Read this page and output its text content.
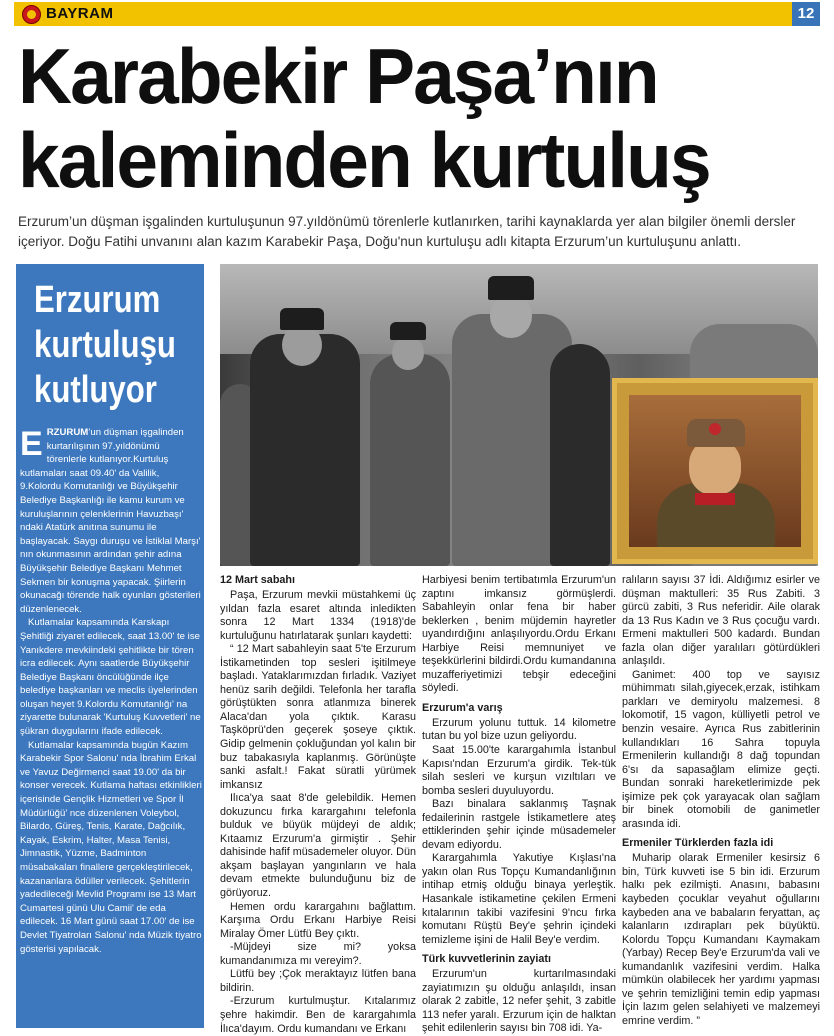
BAYRAM	12
Karabekir Paşa’nın
kaleminden kurtuluş
Erzurum’un düşman işgalinden kurtuluşunun 97.yıldönümü törenlerle kutlanırken, tarihi kaynaklarda yer alan bilgiler önemli dersler içeriyor. Doğu Fatihi unvanını alan kazım Karabekir Paşa, Doğu'nun kurtuluşu adlı kitapta Erzurum’un kurtuluşunu anlattı.
Erzurum
kurtuluşu
kutluyor

ERZURUM’un düşman işgalinden kurtarılışının 97.yıldönümü törenlerle kutlanıyor.Kurtuluş kutlamaları saat 09.40' da Valilik, 9.Kolordu Komutanlığı ve Büyükşehir Belediye Başkanlığı ile kamu kurum ve kuruluşlarının çelenklerinin Havuzbaşı' ndaki Atatürk anıtına sunumu ile başlayacak. Saygı duruşu ve İstiklal Marşı' nın okunmasının ardından şehir adına Büyükşehir Belediye Başkanı Mehmet Sekmen bir konuşma yapacak. Şiirlerin okunacağı törende halk oyunları gösterileri düzenlenecek.

Kutlamalar kapsamında Karskapı Şehitliği ziyaret edilecek, saat 13.00' te ise Yanıkdere mevkiindeki şehitlikte bir tören icra edilecek. Aynı saatlerde Büyükşehir Belediye Başkanı öncülüğünde ilçe belediye başkanları ve meclis üyelerinden oluşan heyet 9.Kolordu Komutanlığı' na ziyarette bulunarak 'Kurtuluş Kuvvetleri' ne şükran duygularını ifade edilecek.

Kutlamalar kapsamında bugün Kazım Karabekir Spor Salonu' nda İbrahim Erkal ve Yavuz Değirmenci saat 19.00' da bir konser verecek. Kutlama haftası etkinlikleri içerisinde Gençlik Hizmetleri ve Spor İl Müdürlüğü' nce düzenlenen Voleybol, Bilardo, Güreş, Tenis, Karate, Dağcılık, Kayak, Eskrim, Halter, Masa Tenisi, Jimnastik, Yüzme, Badminton müsabakaları finallere gerçekleştirilecek, kazananlara ödüller verilecek. Şehitlerin yadedileceği Mevlid Programı ise 13 Mart Cumartesi günü Ulu Camii' de eda edilecek. 16 Mart günü saat 17.00' de ise Devlet Tiyatroları Salonu' nda Müzik tiyatro gösterisi yapılacak.

12 Mart sabahı

Paşa, Erzurum mevkii müstahkemi üç yıldan fazla esaret altında inledikten sonra 12 Mart 1334 (1918)'de kurtuluğunu hatırlatarak şunları kaydetti:

“ 12 Mart sabahleyin saat 5'te Erzurum İstikametinden top sesleri işitilmeye başladı. Yataklarımızdan fırladık. Vaziyet henüz sarih değildi. Telefonla her tarafla görüştükten sonra atlanmıza binerek Alaca'dan yola çıktık. Karasu Taşköprü'den geçerek şoseye çıktık. Gidip gelmenin çokluğundan yol kalın bir buz tabakasıyla kaplanmış. Görünüşte sanki asfalt.! Fakat süratli yürümek imkansız

Ilıca'ya saat 8'de gelebildik. Hemen dokuzuncu fırka karargahını telefonla bulduk ve büyük müjdeyi de aldık; Kıtaamız Erzurum'a girmiştir . Şehir dahisinde hafif müsademeler oluyor. Dün akşam başlayan yangınların ve hala devam etmekte bulunduğunu biz de görüyoruz.

Hemen ordu karargahını bağlattım. Karşıma Ordu Erkanı Harbiye Reisi Miralay Ömer Lütfü Bey çıktı.

-Müjdeyi size mi? yoksa kumandanımıza mı vereyim?.

Lütfü bey ;Çok meraktayız lütfen bana bildirin.

-Erzurum kurtulmuştur. Kıtalarımız şehre hakimdir. Ben de karargahımla İlıca'dayım. Ordu kumandanı ve Erkanı

Harbiyesi benim tertibatımla Erzurum'un zaptını imkansız görmüşlerdi. Sabahleyin onlar fena bir haber beklerken , benim müjdemin hayretler uyandırdığını anlaşılıyordu.Ordu Erkanı Harbiye Reisi memnuniyet ve teşekkürlerini bildirdi.Ordu kumandanına muzafferiyetimizi tebşir edeceğini söyledi.

Erzurum'a varış

Erzurum yolunu tuttuk. 14 kilometre tutan bu yol bize uzun geliyordu.

Saat 15.00'te karargahımla İstanbul Kapısı'ndan Erzurum'a girdik. Tek-tük silah sesleri ve kurşun vızıltıları ve bomba sesleri duyuluyordu.

Bazı binalara saklanmış Taşnak fedailerinin rastgele İstikametlere ateş ettiklerinden şehir içinde müsademeler devam ediyordu.

Karargahımla Yakutiye Kışlası'na yakın olan Rus Topçu Kumandanlığının intihap etmiş olduğu binaya yerleştik. Hasankale istikametine çekilen Ermeni kıtalarının takibi vazifesini 9'ncu fırka komutanı Rüştü Bey'e şehrin içindeki temizleme işini de Halil Bey'e verdim.

Türk kuvvetlerinin zayiatı

Erzurum'un kurtarılmasındaki zayiatımızın şu olduğu anlaşıldı, insan olarak 2 zabitle, 12 nefer şehit, 3 zabitle 113 nefer yaralı. Erzurum için de halktan şehit edilenlerin sayısı bin 708 idi. Ya-

ralıların sayısı 37 İdi. Aldığımız esirler ve düşman maktulleri: 35 Rus Zabiti. 3 gürcü zabiti, 3 Rus neferidir. Aile olarak da 13 Rus Kadın ve 3 Rus çocuğu vardı. Ermeni maktulleri 500 kadardı. Bundan fazla olan diğer yaralıları götürdükleri anlaşıldı.

Ganimet: 400 top ve sayısız mühimmatı silah,giyecek,erzak, istihkam parkları ve demiryolu malzemesi. 8 lokomotif, 15 vagon, külliyetli petrol ve benzin vesaire. Ayrıca Rus zabitlerinin kullandıkları 16 Sahra topuyla Ermenilerin kullandığı 8 dağ topundan 6'sı da sapasağlam elimize geçti. Bundan sonraki hareketlerimizde pek işimize pek çok yarayacak olan sağlam bir binek otomobili de ganimetler arasında idi.

Ermeniler Türklerden fazla idi

Muharip olarak Ermeniler kesirsiz 6 bin, Türk kuvveti ise 5 bin idi. Erzurum halkı pek ezilmişti. Anasını, babasını kaybeden çocuklar veyahut oğullarını kaybeden ana ve babaların feryattan, aç kalanların ızdırapları pek büyüktü. Kolordu Topçu Kumandanı Kaymakam (Yarbay) Recep Bey'e Erzurum'da vali ve kumandanlık vazifesini verdim. Halka mümkün olabilecek her yardımı yapması ve şehrin temizliğini temin edip yapması İçin lazım gelen selahiyeti ve malzemeyi emrine verdim. ”
